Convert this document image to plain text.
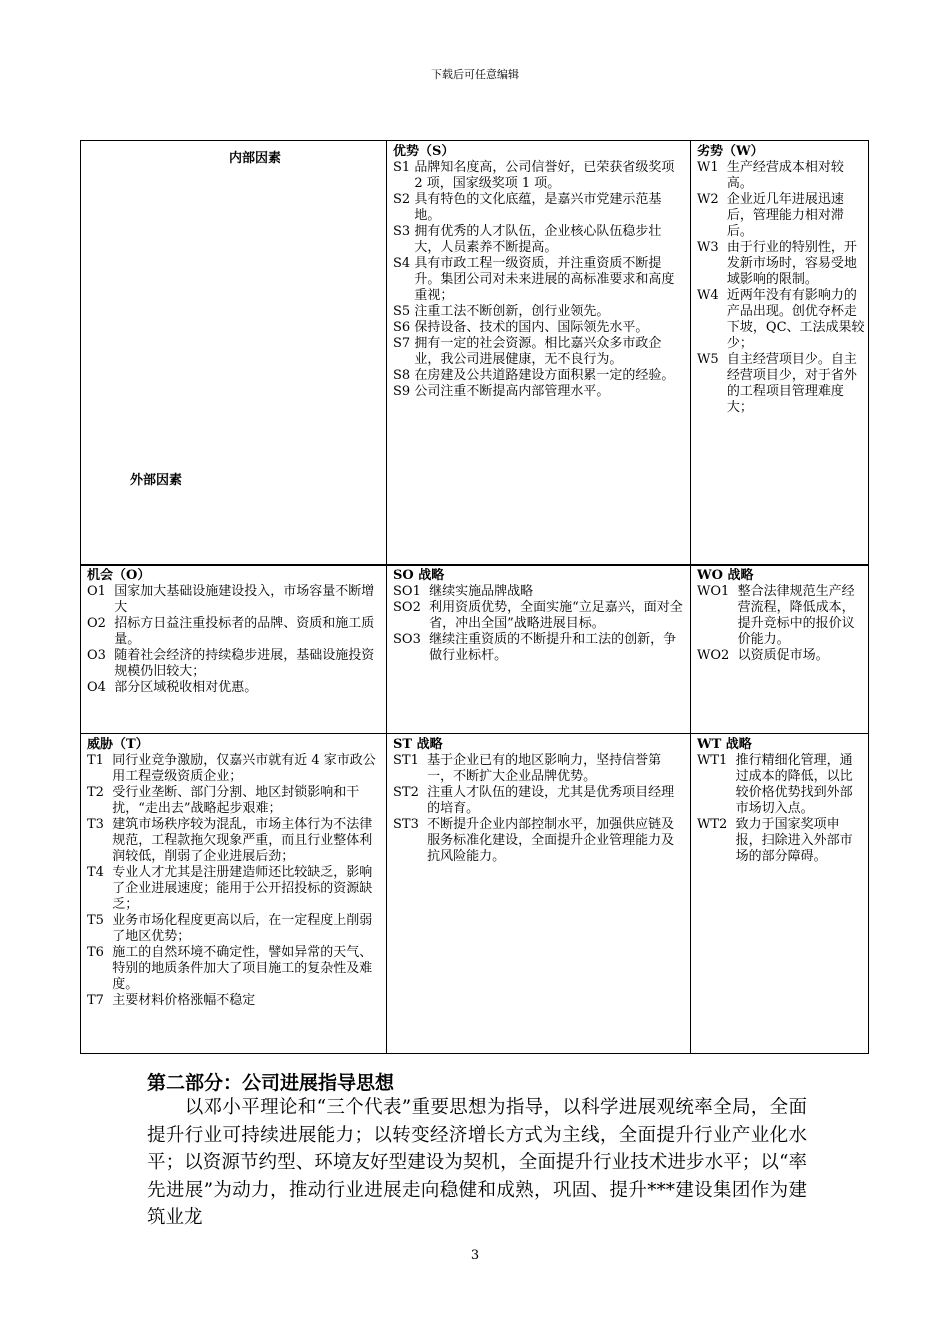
下载后可任意编辑
内部因素
外部因素
优势（S）
S1 品牌知名度高，公司信誉好，已荣获省级奖项 2 项，国家级奖项 1 项。
S2 具有特色的文化底蕴，是嘉兴市党建示范基地。
S3 拥有优秀的人才队伍，企业核心队伍稳步壮大，人员素养不断提高。
S4 具有市政工程一级资质，并注重资质不断提升。集团公司对未来进展的高标准要求和高度重视；
S5 注重工法不断创新，创行业领先。
S6 保持设备、技术的国内、国际领先水平。
S7 拥有一定的社会资源。相比嘉兴众多市政企业，我公司进展健康，无不良行为。
S8 在房建及公共道路建设方面积累一定的经验。
S9 公司注重不断提高内部管理水平。
劣势（W）
W1 生产经营成本相对较高。
W2 企业近几年进展迅速后，管理能力相对滞后。
W3 由于行业的特别性，开发新市场时，容易受地域影响的限制。
W4 近两年没有有影响力的产品出现。创优夺杯走下坡，QC、工法成果较少；
W5 自主经营项目少。自主经营项目少，对于省外的工程项目管理难度大；
机会（O）
O1 国家加大基础设施建设投入，市场容量不断增大
O2 招标方日益注重投标者的品牌、资质和施工质量。
O3 随着社会经济的持续稳步进展，基础设施投资规模仍旧较大；
O4 部分区域税收相对优惠。
SO 战略
SO1 继续实施品牌战略
SO2 利用资质优势，全面实施“立足嘉兴，面对全省，冲出全国”战略进展目标。
SO3 继续注重资质的不断提升和工法的创新，争做行业标杆。
WO 战略
WO1 整合法律规范生产经营流程，降低成本，提升竞标中的报价议价能力。
WO2 以资质促市场。
威胁（T）
T1 同行业竞争激励，仅嘉兴市就有近 4 家市政公用工程壹级资质企业；
T2 受行业垄断、部门分割、地区封锁影响和干扰，“走出去”战略起步艰难；
T3 建筑市场秩序较为混乱，市场主体行为不法律规范，工程款拖欠现象严重，而且行业整体利润较低，削弱了企业进展后劲；
T4 专业人才尤其是注册建造师还比较缺乏，影响了企业进展速度；能用于公开招投标的资源缺乏；
T5 业务市场化程度更高以后，在一定程度上削弱了地区优势；
T6 施工的自然环境不确定性，譬如异常的天气、特别的地质条件加大了项目施工的复杂性及难度。
T7 主要材料价格涨幅不稳定
ST 战略
ST1 基于企业已有的地区影响力，坚持信誉第一，不断扩大企业品牌优势。
ST2 注重人才队伍的建设，尤其是优秀项目经理的培育。
ST3 不断提升企业内部控制水平，加强供应链及服务标准化建设，全面提升企业管理能力及抗风险能力。
WT 战略
WT1 推行精细化管理，通过成本的降低，以比较价格优势找到外部市场切入点。
WT2 致力于国家奖项申报，扫除进入外部市场的部分障碍。
第二部分：公司进展指导思想
　　以邓小平理论和“三个代表”重要思想为指导，以科学进展观统率全局，全面提升行业可持续进展能力；以转变经济增长方式为主线，全面提升行业产业化水平；以资源节约型、环境友好型建设为契机，全面提升行业技术进步水平；以“率先进展”为动力，推动行业进展走向稳健和成熟，巩固、提升***建设集团作为建筑业龙
3
